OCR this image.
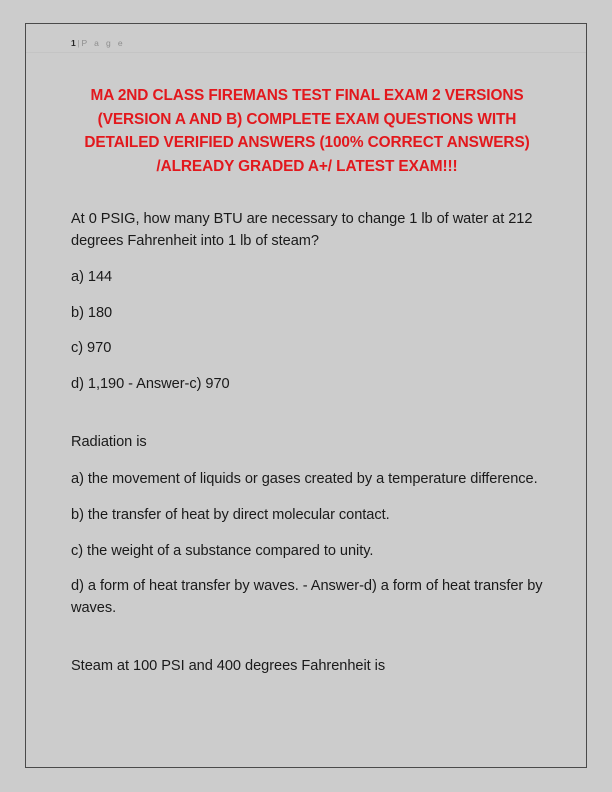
1| P a g e
MA 2ND CLASS FIREMANS TEST FINAL EXAM 2 VERSIONS (VERSION A AND B) COMPLETE EXAM QUESTIONS WITH DETAILED VERIFIED ANSWERS (100% CORRECT ANSWERS) /ALREADY GRADED A+/ LATEST EXAM!!!

At 0 PSIG, how many BTU are necessary to change 1 lb of water at 212 degrees Fahrenheit into 1 lb of steam?

a) 144

b) 180

c) 970

d) 1,190 - Answer-c) 970

Radiation is

a) the movement of liquids or gases created by a temperature difference.

b) the transfer of heat by direct molecular contact.

c) the weight of a substance compared to unity.

d) a form of heat transfer by waves. - Answer-d) a form of heat transfer by waves.

Steam at 100 PSI and 400 degrees Fahrenheit is
